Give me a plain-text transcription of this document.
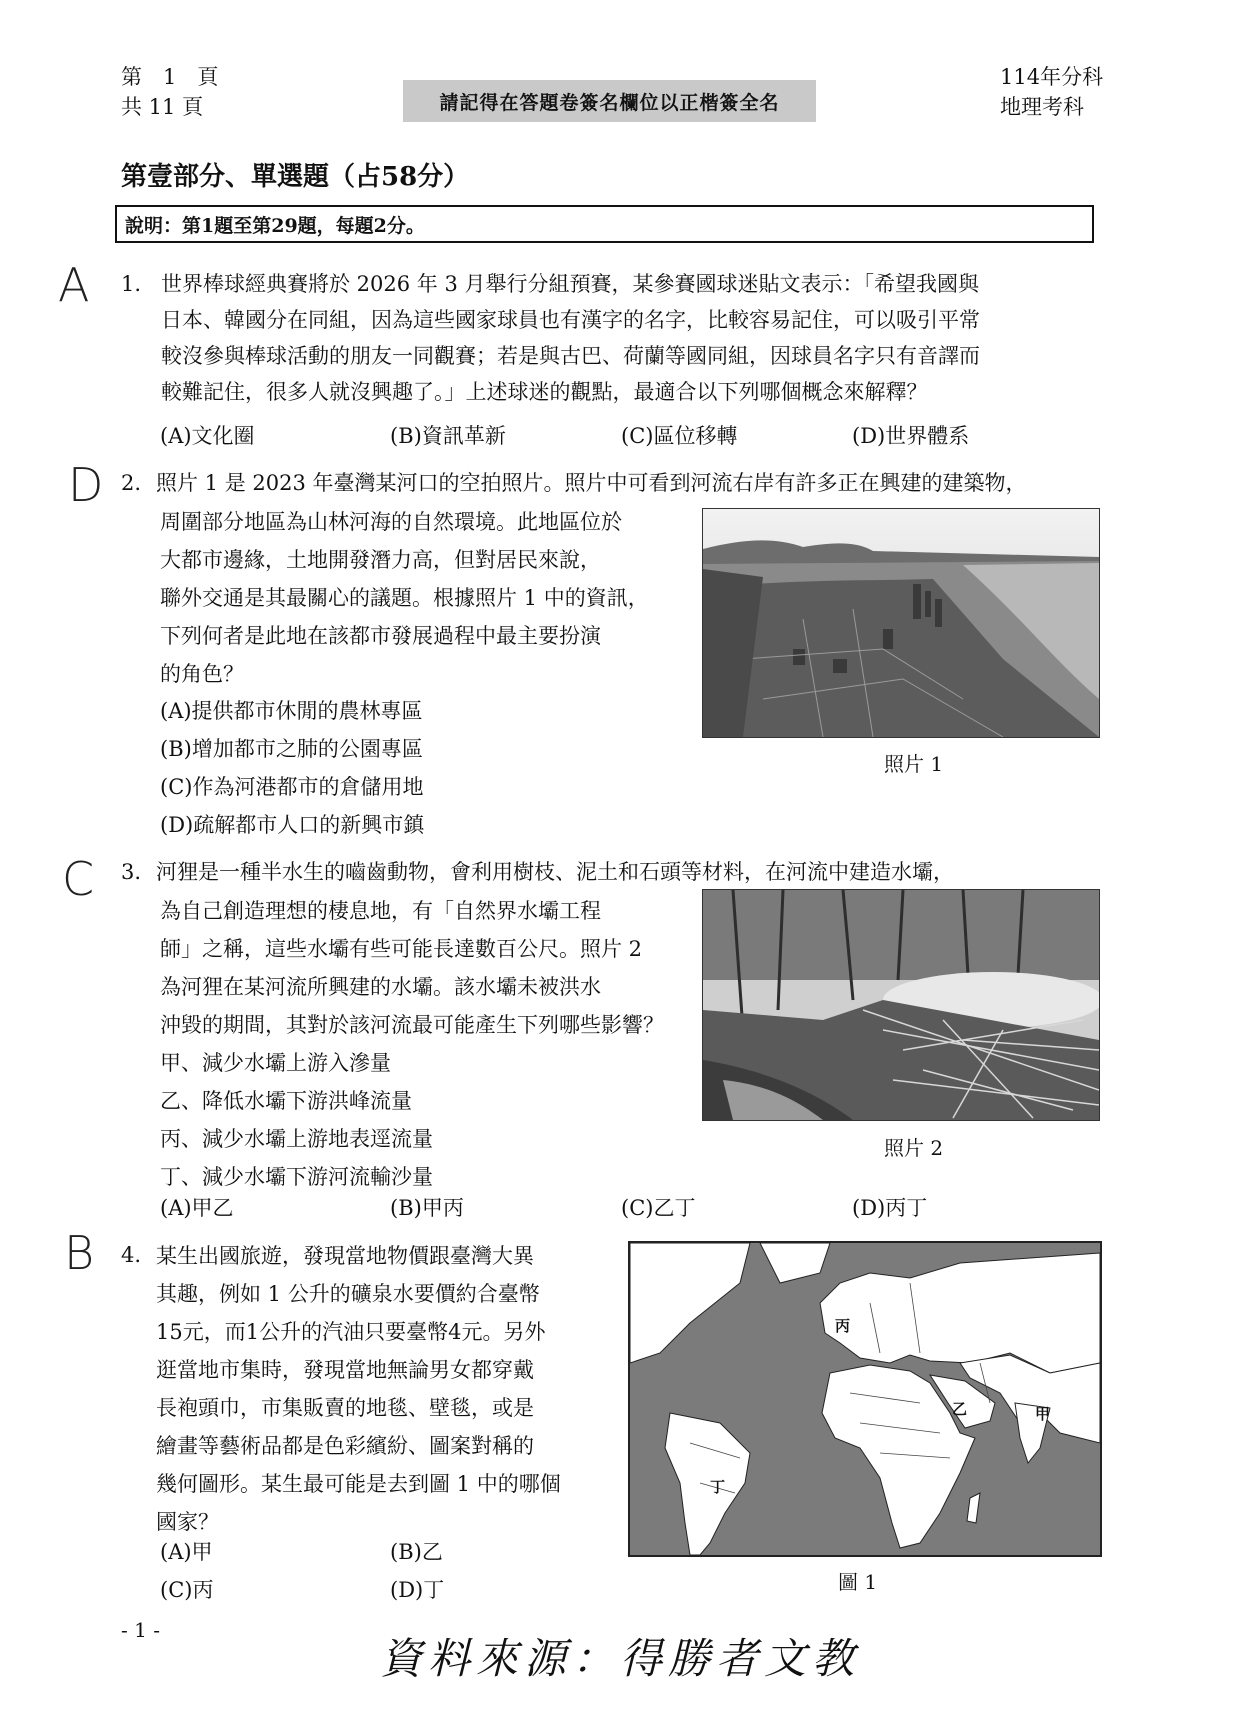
第　1　頁
共 11 頁	請記得在答題卷簽名欄位以正楷簽全名
114年分科
地理考科
第壹部分、單選題（占58分）
說明：第1題至第29題，每題2分。
A 1. 世界棒球經典賽將於 2026 年 3 月舉行分組預賽，某參賽國球迷貼文表示：「希望我國與
日本、韓國分在同組，因為這些國家球員也有漢字的名字，比較容易記住，可以吸引平常
較沒參與棒球活動的朋友一同觀賽；若是與古巴、荷蘭等國同組，因球員名字只有音譯而
較難記住，很多人就沒興趣了。」上述球迷的觀點，最適合以下列哪個概念來解釋？
(A)文化圈	(B)資訊革新	(C)區位移轉	(D)世界體系
D 2. 照片 1 是 2023 年臺灣某河口的空拍照片。照片中可看到河流右岸有許多正在興建的建築物，
周圍部分地區為山林河海的自然環境。此地區位於
大都市邊緣，土地開發潛力高，但對居民來說，
聯外交通是其最關心的議題。根據照片 1 中的資訊，
下列何者是此地在該都市發展過程中最主要扮演
的角色？
(A)提供都市休閒的農林專區
(B)增加都市之肺的公園專區
(C)作為河港都市的倉儲用地
(D)疏解都市人口的新興市鎮
照片 1
C 3. 河狸是一種半水生的嚙齒動物，會利用樹枝、泥土和石頭等材料，在河流中建造水壩，
為自己創造理想的棲息地，有「自然界水壩工程
師」之稱，這些水壩有些可能長達數百公尺。照片 2
為河狸在某河流所興建的水壩。該水壩未被洪水
沖毀的期間，其對於該河流最可能產生下列哪些影響？
甲、減少水壩上游入滲量
乙、降低水壩下游洪峰流量
丙、減少水壩上游地表逕流量
丁、減少水壩下游河流輸沙量
(A)甲乙	(B)甲丙	(C)乙丁	(D)丙丁
照片 2
B 4. 某生出國旅遊，發現當地物價跟臺灣大異
其趣，例如 1 公升的礦泉水要價約合臺幣
15元，而1公升的汽油只要臺幣4元。另外
逛當地市集時，發現當地無論男女都穿戴
長袍頭巾，市集販賣的地毯、壁毯，或是
繪畫等藝術品都是色彩繽紛、圖案對稱的
幾何圖形。某生最可能是去到圖 1 中的哪個
國家？
(A)甲	(B)乙
(C)丙	(D)丁
丙
乙	甲
丁
圖 1
- 1 -
資料來源：得勝者文教
